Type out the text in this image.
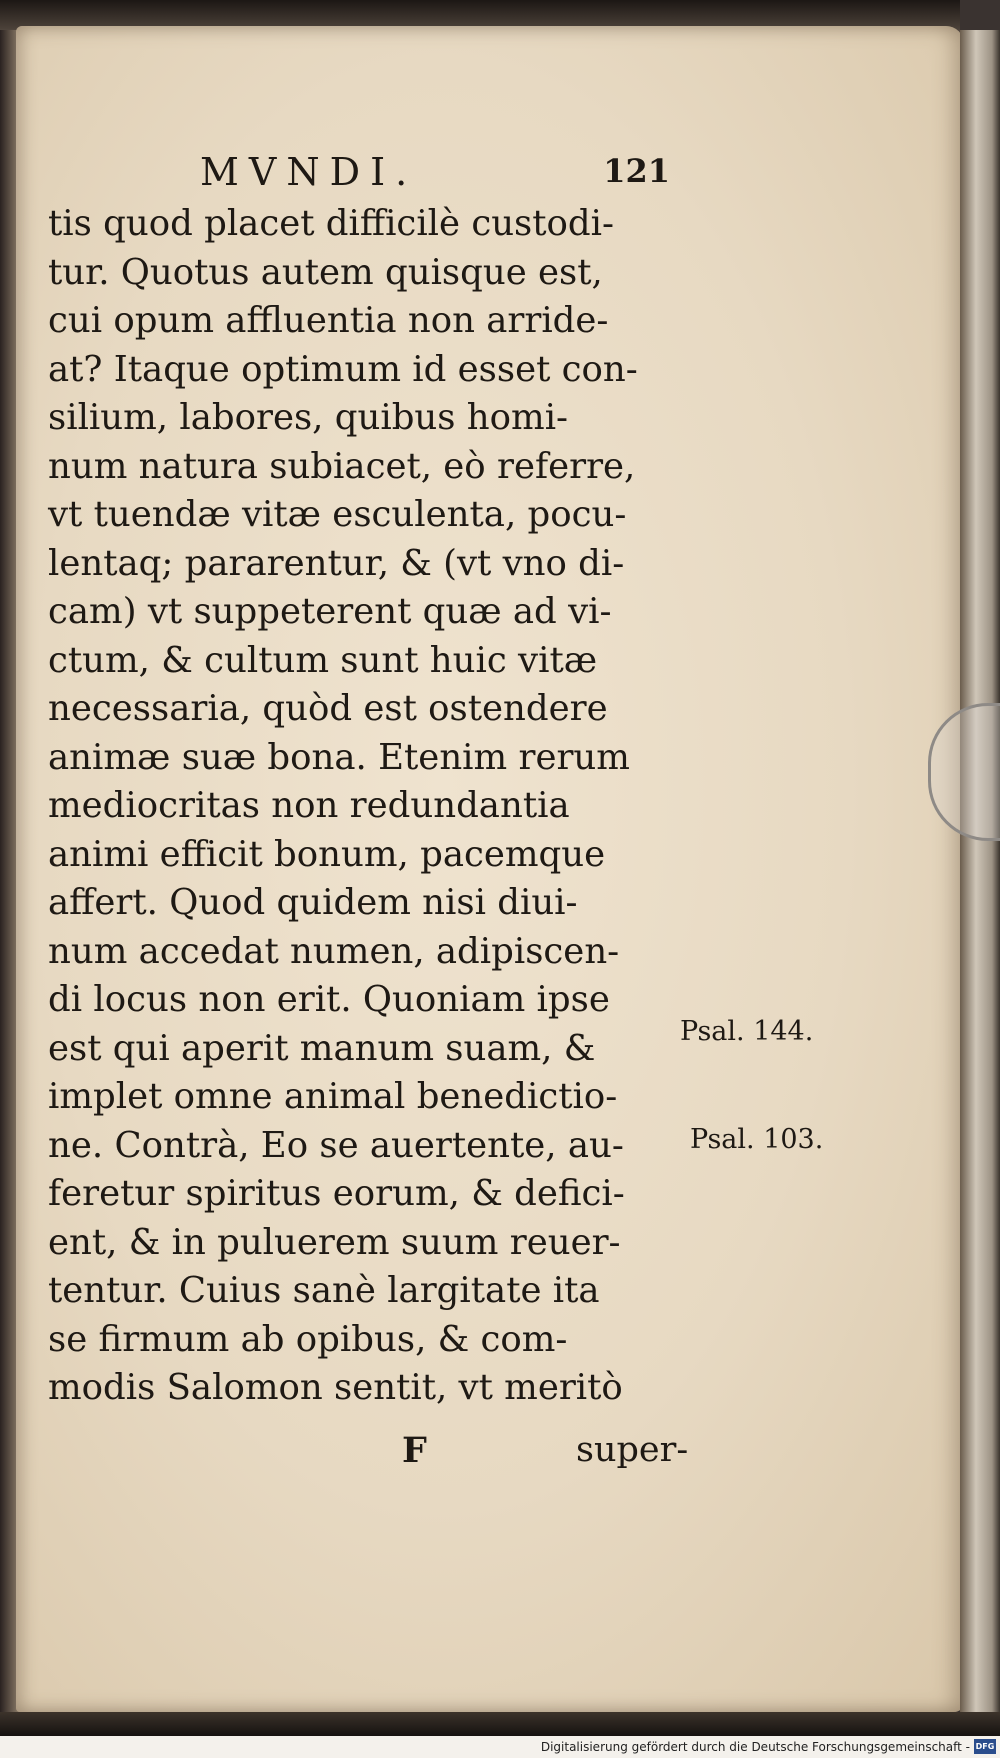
MVNDI.	121
tis quod placet difficilè custodi-
tur. Quotus autem quisque est,
cui opum affluentia non arride-
at? Itaque optimum id esset con-
silium, labores, quibus homi-
num natura subiacet, eò referre,
vt tuendæ vitæ esculenta, pocu-
lentaq; pararentur, & (vt vno di-
cam) vt suppeterent quæ ad vi-
ctum, & cultum sunt huic vitæ
necessaria, quòd est ostendere
animæ suæ bona. Etenim rerum
mediocritas non redundantia
animi efficit bonum, pacemque
affert. Quod quidem nisi diui-
num accedat numen, adipiscen-
di locus non erit. Quoniam ipse
est qui aperit manum suam, &
implet omne animal benedictio-
ne. Contrà, Eo se auertente, au-
feretur spiritus eorum, & defici-
ent, & in puluerem suum reuer-
tentur. Cuius sanè largitate ita
se firmum ab opibus, & com-
modis Salomon sentit, vt meritò
Psal. 144.
Psal. 103.
F	super-
Digitalisierung gefördert durch die Deutsche Forschungsgemeinschaft - DFG
